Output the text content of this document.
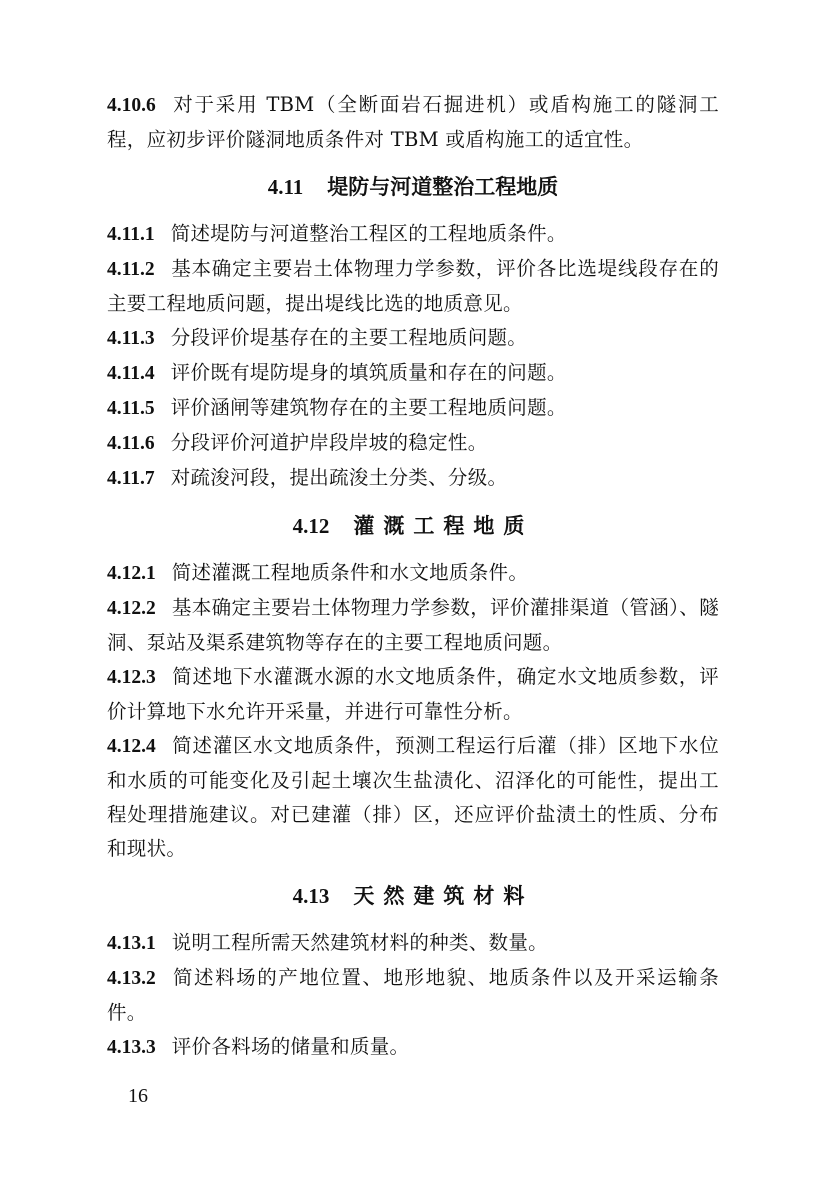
4.10.6 对于采用 TBM（全断面岩石掘进机）或盾构施工的隧洞工程，应初步评价隧洞地质条件对 TBM 或盾构施工的适宜性。

4.11 堤防与河道整治工程地质

4.11.1 简述堤防与河道整治工程区的工程地质条件。

4.11.2 基本确定主要岩土体物理力学参数，评价各比选堤线段存在的主要工程地质问题，提出堤线比选的地质意见。

4.11.3 分段评价堤基存在的主要工程地质问题。

4.11.4 评价既有堤防堤身的填筑质量和存在的问题。

4.11.5 评价涵闸等建筑物存在的主要工程地质问题。

4.11.6 分段评价河道护岸段岸坡的稳定性。

4.11.7 对疏浚河段，提出疏浚土分类、分级。

4.12 灌溉工程地质

4.12.1 简述灌溉工程地质条件和水文地质条件。

4.12.2 基本确定主要岩土体物理力学参数，评价灌排渠道（管涵）、隧洞、泵站及渠系建筑物等存在的主要工程地质问题。

4.12.3 简述地下水灌溉水源的水文地质条件，确定水文地质参数，评价计算地下水允许开采量，并进行可靠性分析。

4.12.4 简述灌区水文地质条件，预测工程运行后灌（排）区地下水位和水质的可能变化及引起土壤次生盐渍化、沼泽化的可能性，提出工程处理措施建议。对已建灌（排）区，还应评价盐渍土的性质、分布和现状。

4.13 天然建筑材料

4.13.1 说明工程所需天然建筑材料的种类、数量。

4.13.2 简述料场的产地位置、地形地貌、地质条件以及开采运输条件。

4.13.3 评价各料场的储量和质量。

16
